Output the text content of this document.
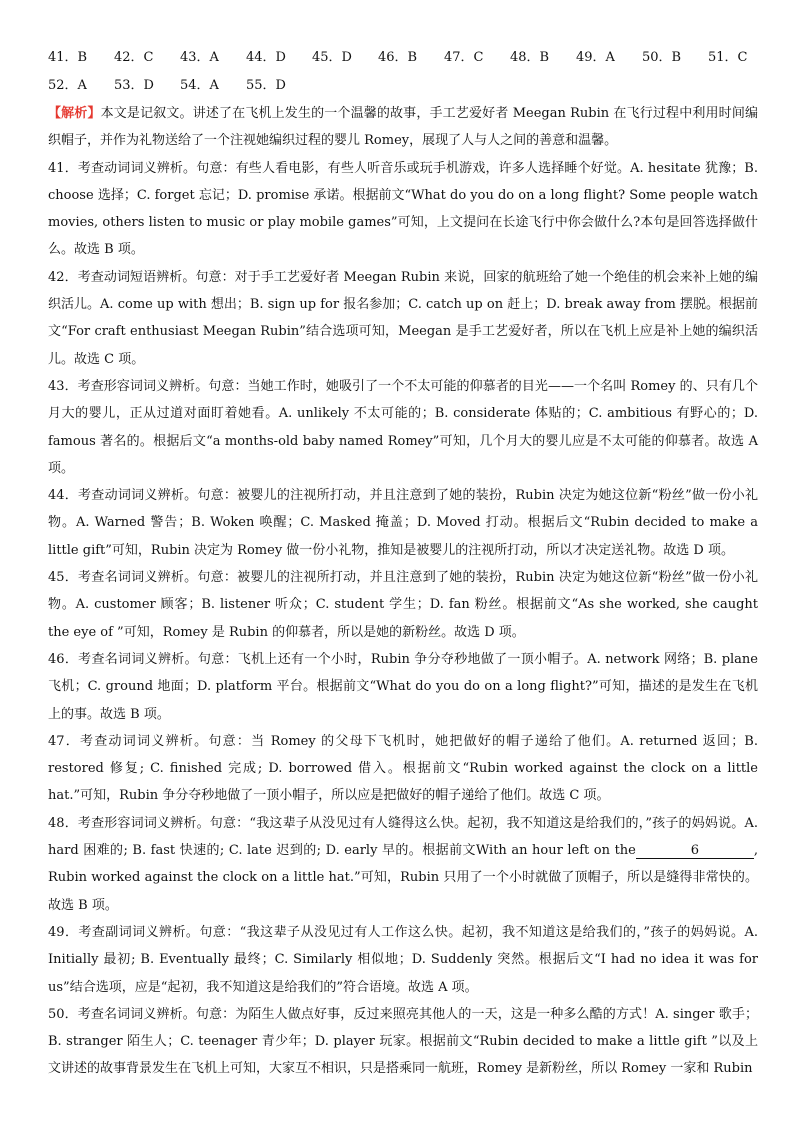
41．B 42．C 43．A 44．D 45．D 46．B 47．C 48．B 49．A 50．B 51．C
52．A 53．D 54．A 55．D

【解析】本文是记叙文。讲述了在飞机上发生的一个温馨的故事，手工艺爱好者 Meegan Rubin 在飞行过程中利用时间编织帽子，并作为礼物送给了一个注视她编织过程的婴儿 Romey，展现了人与人之间的善意和温馨。

41．考查动词词义辨析。句意：有些人看电影，有些人听音乐或玩手机游戏，许多人选择睡个好觉。A. hesitate 犹豫；B. choose 选择；C. forget 忘记；D. promise 承诺。根据前文“What do you do on a long flight? Some people watch movies, others listen to music or play mobile games”可知，上文提问在长途飞行中你会做什么?本句是回答选择做什么。故选 B 项。

42．考查动词短语辨析。句意：对于手工艺爱好者 Meegan Rubin 来说，回家的航班给了她一个绝佳的机会来补上她的编织活儿。A. come up with 想出；B. sign up for 报名参加；C. catch up on 赶上；D. break away from 摆脱。根据前文“For craft enthusiast Meegan Rubin”结合选项可知，Meegan 是手工艺爱好者，所以在飞机上应是补上她的编织活儿。故选 C 项。

43．考查形容词词义辨析。句意：当她工作时，她吸引了一个不太可能的仰慕者的目光——一个名叫 Romey 的、只有几个月大的婴儿，正从过道对面盯着她看。A. unlikely 不太可能的；B. considerate 体贴的；C. ambitious 有野心的；D. famous 著名的。根据后文“a months-old baby named Romey”可知，几个月大的婴儿应是不太可能的仰慕者。故选 A 项。

44．考查动词词义辨析。句意：被婴儿的注视所打动，并且注意到了她的装扮，Rubin 决定为她这位新“粉丝”做一份小礼物。A. Warned 警告；B. Woken 唤醒；C. Masked 掩盖；D. Moved 打动。根据后文“Rubin decided to make a little gift”可知，Rubin 决定为 Romey 做一份小礼物，推知是被婴儿的注视所打动，所以才决定送礼物。故选 D 项。

45．考查名词词义辨析。句意：被婴儿的注视所打动，并且注意到了她的装扮，Rubin 决定为她这位新“粉丝”做一份小礼物。A. customer 顾客；B. listener 听众；C. student 学生；D. fan 粉丝。根据前文“As she worked, she caught the eye of ”可知，Romey 是 Rubin 的仰慕者，所以是她的新粉丝。故选 D 项。

46．考查名词词义辨析。句意：飞机上还有一个小时，Rubin 争分夺秒地做了一顶小帽子。A. network 网络；B. plane 飞机；C. ground 地面；D. platform 平台。根据前文“What do you do on a long flight?”可知，描述的是发生在飞机上的事。故选 B 项。

47．考查动词词义辨析。句意：当 Romey 的父母下飞机时，她把做好的帽子递给了他们。A. returned 返回；B. restored 修复; C. finished 完成; D. borrowed 借入。根据前文“Rubin worked against the clock on a little hat.”可知，Rubin 争分夺秒地做了一顶小帽子，所以应是把做好的帽子递给了他们。故选 C 项。

48．考查形容词词义辨析。句意：“我这辈子从没见过有人缝得这么快。起初，我不知道这是给我们的，”孩子的妈妈说。A. hard 困难的; B. fast 快速的; C. late 迟到的; D. early 早的。根据前文With an hour left on the	6	, Rubin worked against the clock on a little hat.”可知，Rubin 只用了一个小时就做了顶帽子，所以是缝得非常快的。故选 B 项。

49．考查副词词义辨析。句意：“我这辈子从没见过有人工作这么快。起初，我不知道这是给我们的，”孩子的妈妈说。A. Initially 最初; B. Eventually 最终；C. Similarly 相似地；D. Suddenly 突然。根据后文“I had no idea it was for us”结合选项，应是“起初，我不知道这是给我们的”符合语境。故选 A 项。

50．考查名词词义辨析。句意：为陌生人做点好事，反过来照亮其他人的一天，这是一种多么酷的方式！A. singer 歌手；B. stranger 陌生人；C. teenager 青少年；D. player 玩家。根据前文“Rubin decided to make a little gift ”以及上文讲述的故事背景发生在飞机上可知，大家互不相识，只是搭乘同一航班，Romey 是新粉丝，所以 Romey 一家和 Rubin
